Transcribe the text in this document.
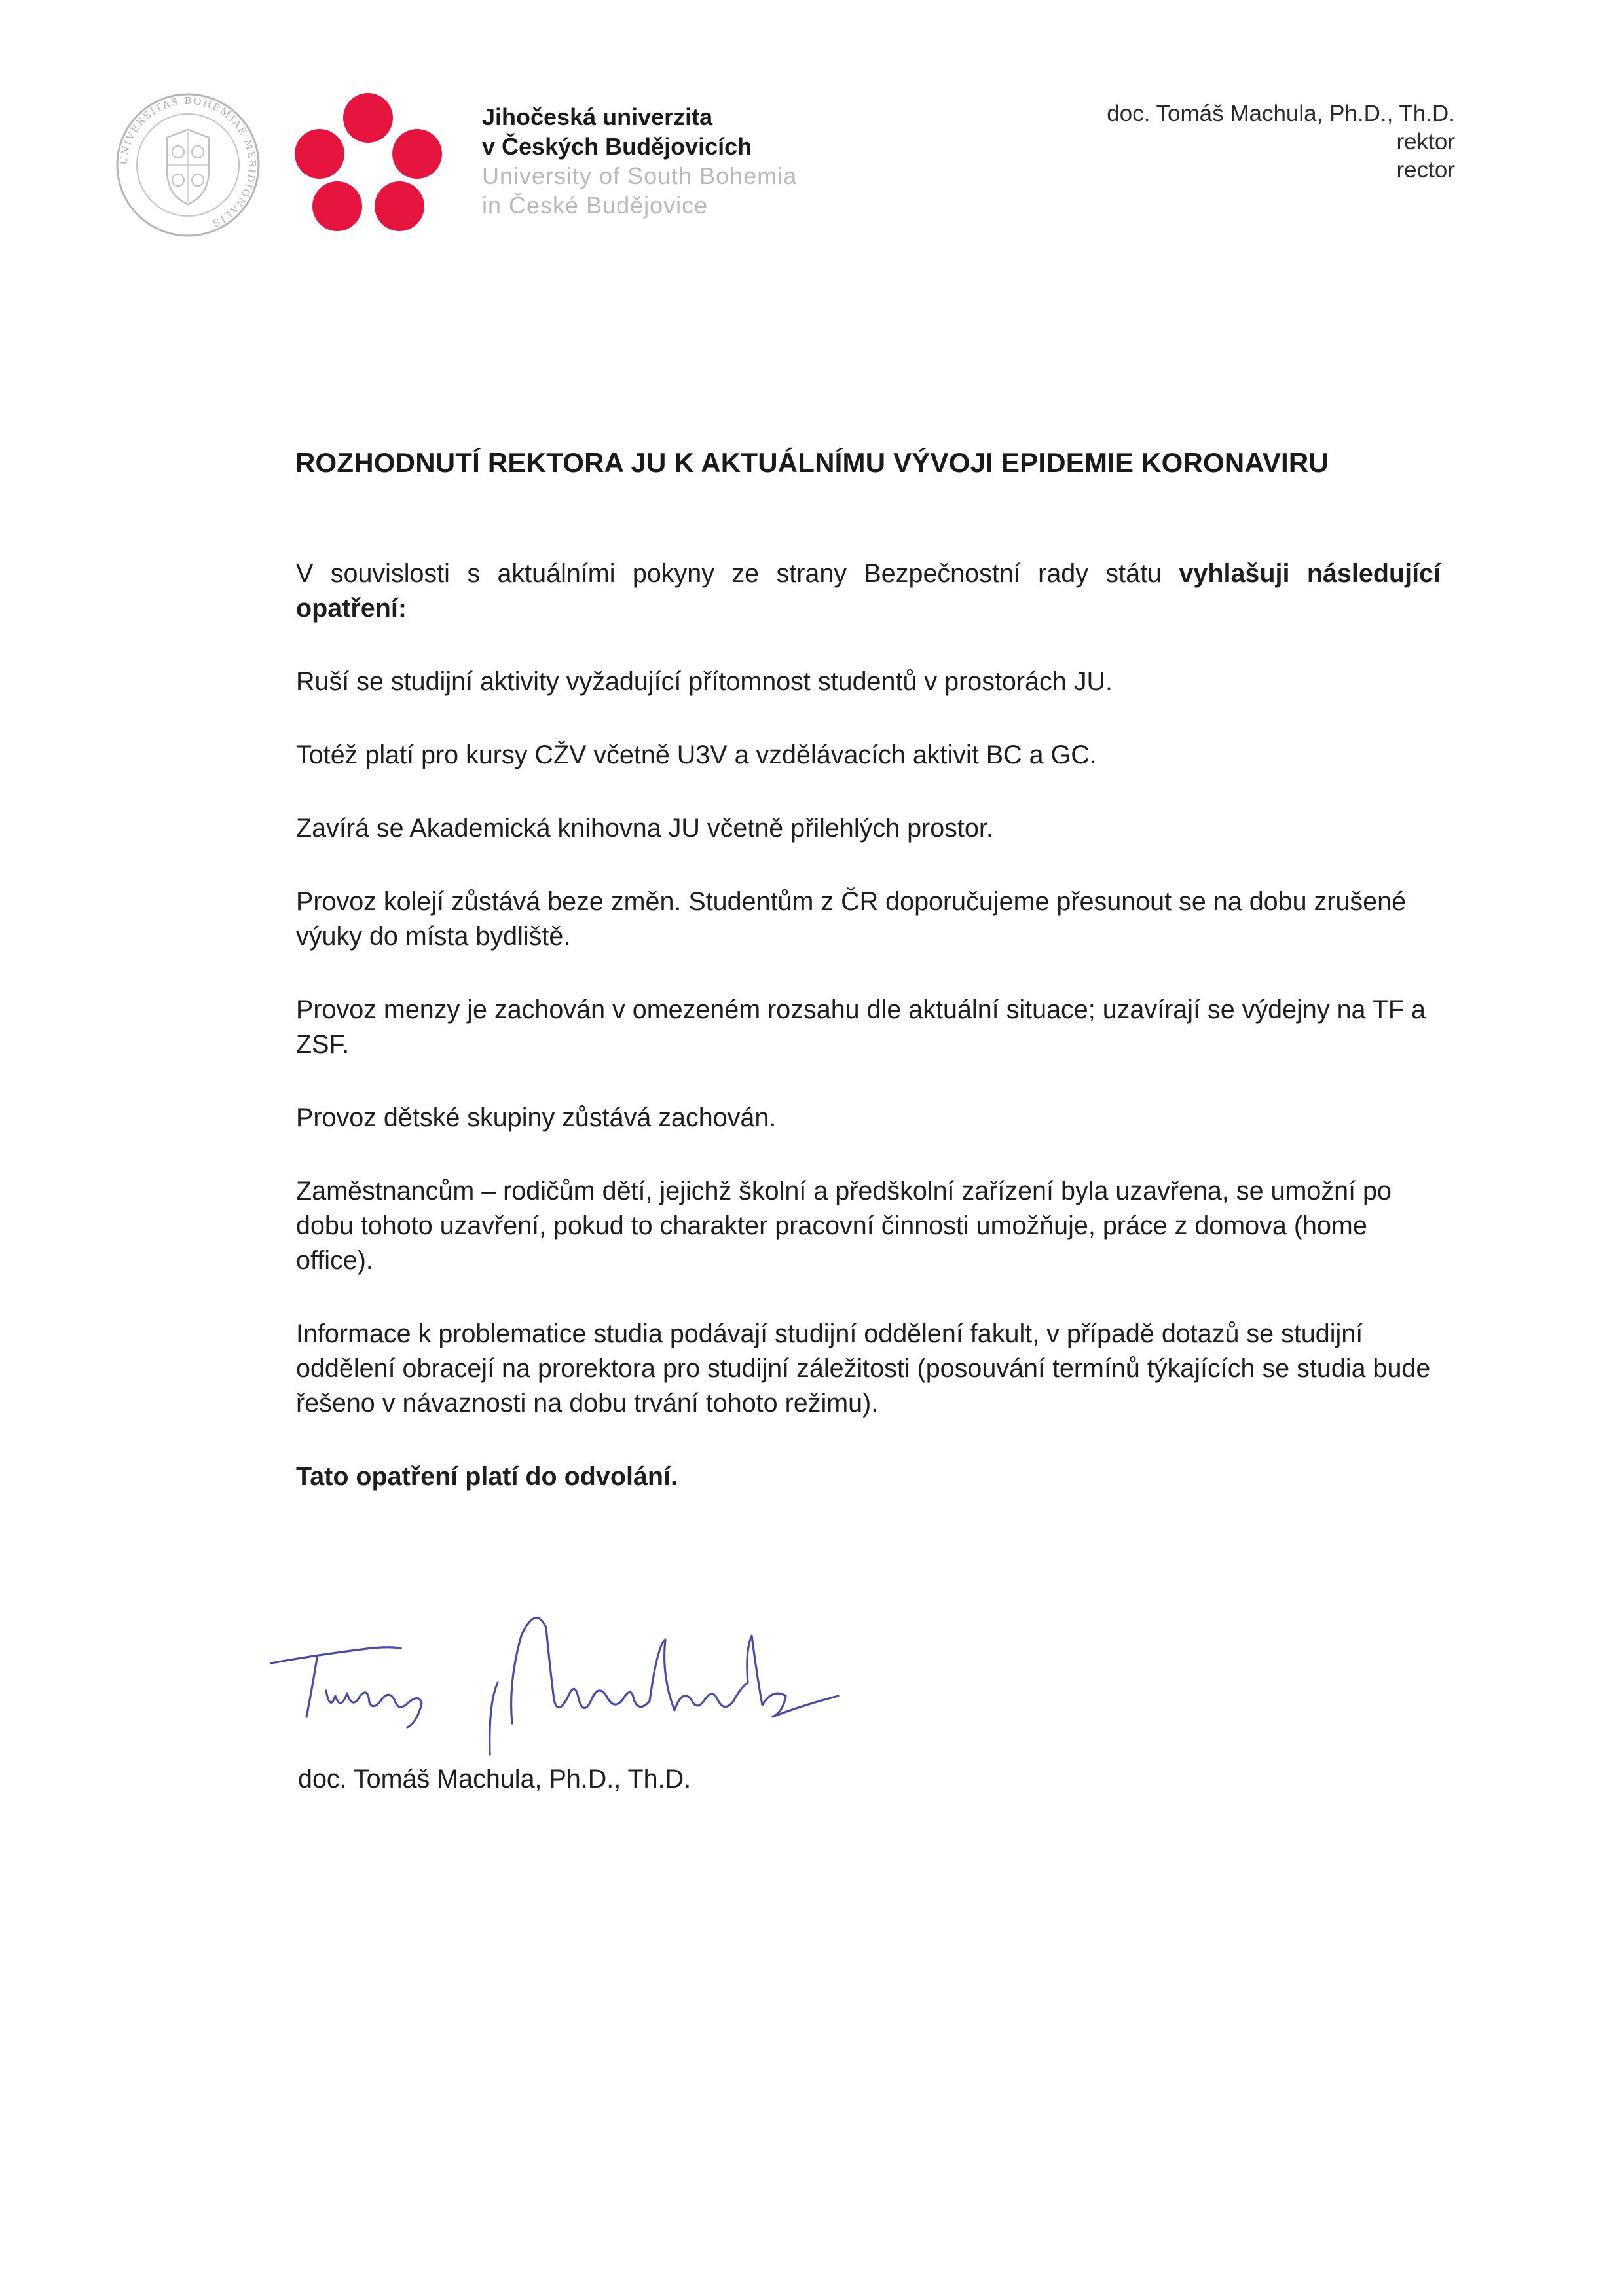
UNIVERSITAS BOHEMIAE MERIDIONALIS
Jihočeská univerzita
v Českých Budějovicích
University of South Bohemia
in České Budějovice
doc. Tomáš Machula, Ph.D., Th.D.
rektor
rector
ROZHODNUTÍ REKTORA JU K AKTUÁLNÍMU VÝVOJI EPIDEMIE KORONAVIRU

V souvislosti s aktuálními pokyny ze strany Bezpečnostní rady státu vyhlašuji následující opatření:

Ruší se studijní aktivity vyžadující přítomnost studentů v prostorách JU.

Totéž platí pro kursy CŽV včetně U3V a vzdělávacích aktivit BC a GC.

Zavírá se Akademická knihovna JU včetně přilehlých prostor.

Provoz kolejí zůstává beze změn. Studentům z ČR doporučujeme přesunout se na dobu zrušené výuky do místa bydliště.

Provoz menzy je zachován v omezeném rozsahu dle aktuální situace; uzavírají se výdejny na TF a ZSF.

Provoz dětské skupiny zůstává zachován.

Zaměstnancům – rodičům dětí, jejichž školní a předškolní zařízení byla uzavřena, se umožní po dobu tohoto uzavření, pokud to charakter pracovní činnosti umožňuje, práce z domova (home office).

Informace k problematice studia podávají studijní oddělení fakult, v případě dotazů se studijní oddělení obracejí na prorektora pro studijní záležitosti (posouvání termínů týkajících se studia bude řešeno v návaznosti na dobu trvání tohoto režimu).

Tato opatření platí do odvolání.

doc. Tomáš Machula, Ph.D., Th.D.
